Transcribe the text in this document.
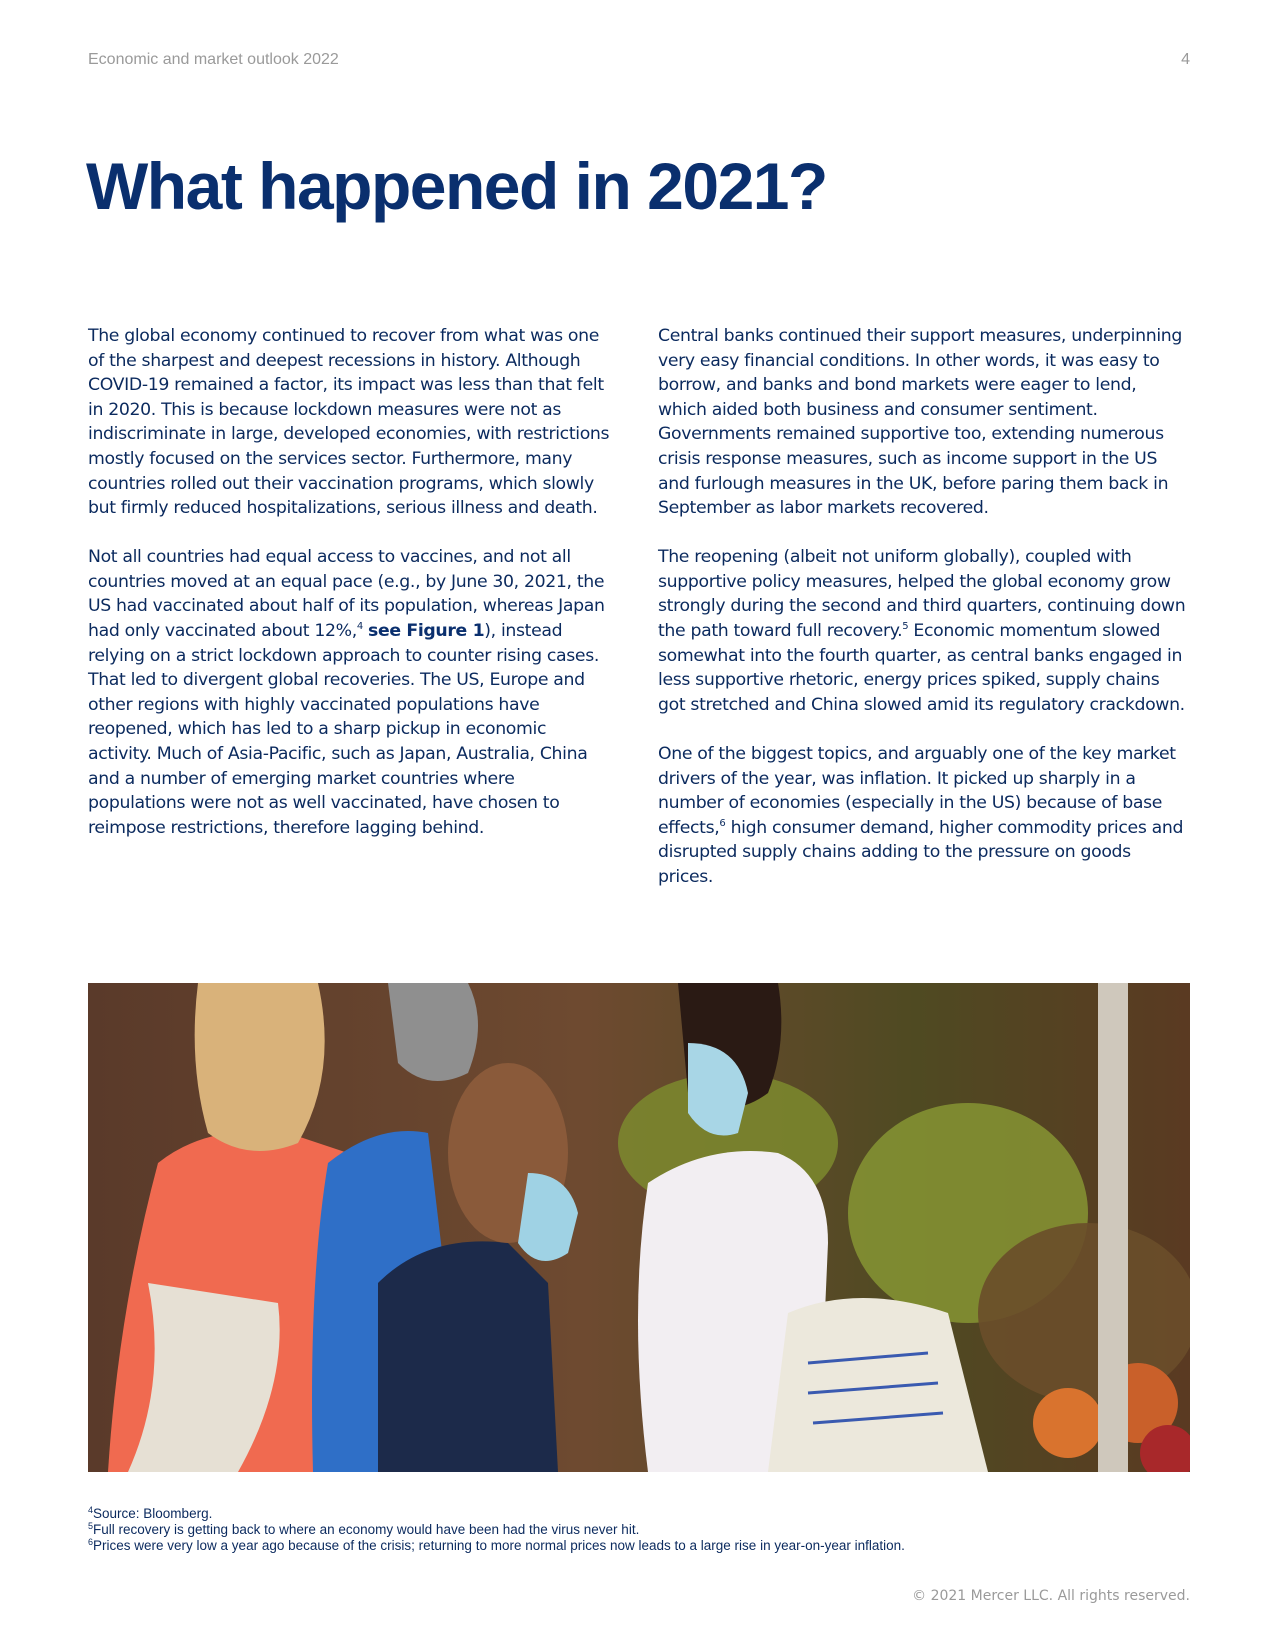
Economic and market outlook 2022	4
What happened in 2021?

The global economy continued to recover from what was one of the sharpest and deepest recessions in history. Although COVID-19 remained a factor, its impact was less than that felt in 2020. This is because lockdown measures were not as indiscriminate in large, developed economies, with restrictions mostly focused on the services sector. Furthermore, many countries rolled out their vaccination programs, which slowly but firmly reduced hospitalizations, serious illness and death.

Not all countries had equal access to vaccines, and not all countries moved at an equal pace (e.g., by June 30, 2021, the US had vaccinated about half of its population, whereas Japan had only vaccinated about 12%,$^4$ see Figure 1), instead relying on a strict lockdown approach to counter rising cases. That led to divergent global recoveries. The US, Europe and other regions with highly vaccinated populations have reopened, which has led to a sharp pickup in economic activity. Much of Asia-Pacific, such as Japan, Australia, China and a number of emerging market countries where populations were not as well vaccinated, have chosen to reimpose restrictions, therefore lagging behind.

Central banks continued their support measures, underpinning very easy financial conditions. In other words, it was easy to borrow, and banks and bond markets were eager to lend, which aided both business and consumer sentiment. Governments remained supportive too, extending numerous crisis response measures, such as income support in the US and furlough measures in the UK, before paring them back in September as labor markets recovered.

The reopening (albeit not uniform globally), coupled with supportive policy measures, helped the global economy grow strongly during the second and third quarters, continuing down the path toward full recovery.$^5$ Economic momentum slowed somewhat into the fourth quarter, as central banks engaged in less supportive rhetoric, energy prices spiked, supply chains got stretched and China slowed amid its regulatory crackdown.

One of the biggest topics, and arguably one of the key market drivers of the year, was inflation. It picked up sharply in a number of economies (especially in the US) because of base effects,$^6$ high consumer demand, higher commodity prices and disrupted supply chains adding to the pressure on goods prices.

$^4$Source: Bloomberg.

$^5$Full recovery is getting back to where an economy would have been had the virus never hit.

$^6$Prices were very low a year ago because of the crisis; returning to more normal prices now leads to a large rise in year-on-year inflation.

© 2021 Mercer LLC. All rights reserved.
